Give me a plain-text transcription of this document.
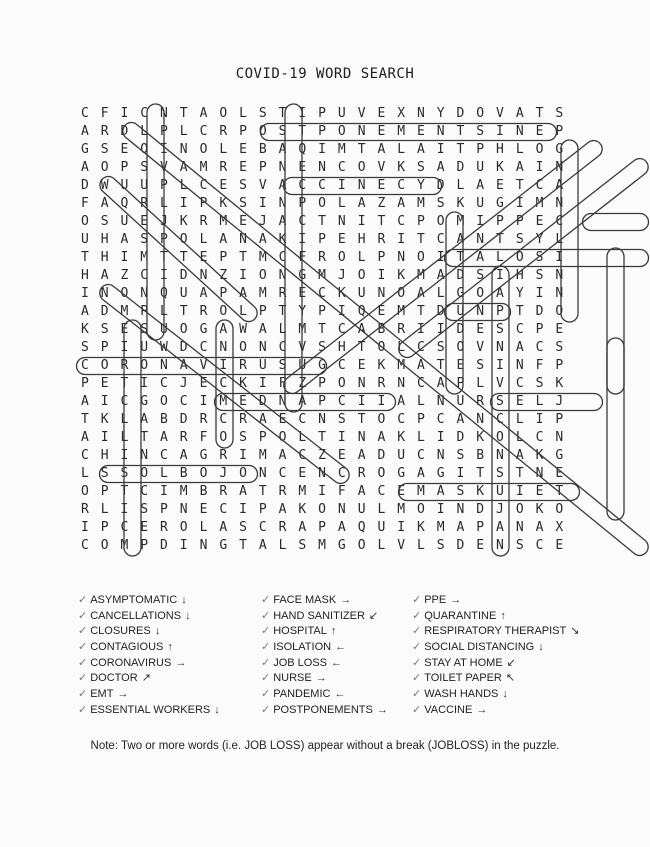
COVID-19 WORD SEARCH
C F I C N T A O L S T I P U V E X N Y D O V A T S
A R D L P L C R P O S T P O N E M E N T S I N E P
G S E O I N O L E B A Q I M T A L A I T P H L O G
A O P S V A M R E P N E N C O V K S A D U K A I N
D W U U P L C E S V A C C I N E C Y D L A E T C A
F A Q R L I P K S I N P O L A Z A M S K U G I M N
O S U E J K R M E J A C T N I T C P O M I P P E C
U H A S P O L A N A K I P E H R I T C A N T S Y L
T H I M T T E P T M C F R O L P N O I T A L O S I
H A Z C I D N Z I O N G M J O I K M A D S I H S N
I N O N Q U A P A M R E C K U N O A L G O A Y I N
A D M P L T R O L P T Y P I Q E M T D U N P T D O
K S E S U O G A W A L M T C A B R I I D E S C P E
S P I U W D C N O N C V S H T O L C S O V N A C S
C O R O N A V I R U S U G C E K M A T E S I N F P
P E T I C J E C K I F Z P O N R N C A P L V C S K
A I C G O C I M E D N A P C I I A L N U R S E L J
T K L A B D R C R A E C N S T O C P C A N C L I P
A I L T A R F O S P O L T I N A K L I D K O L C N
C H I N C A G R I M A C Z E A D U C N S B N A K G
L S S O L B O J O N C E N C R O G A G I T S T N E
O P T C I M B R A T R M I F A C E M A S K U I E T
R L I S P N E C I P A K O N U L M O I N D J O K O
I P C E R O L A S C R A P A Q U I K M A P A N A X
C O M P D I N G T A L S M G O L V L S D E N S C E
✓ ASYMPTOMATIC ↓
✓ CANCELLATIONS ↓
✓ CLOSURES ↓
✓ CONTAGIOUS ↑
✓ CORONAVIRUS →
✓ DOCTOR ↗
✓ EMT →
✓ ESSENTIAL WORKERS ↓
✓ FACE MASK →
✓ HAND SANITIZER ↙
✓ HOSPITAL ↑
✓ ISOLATION ←
✓ JOB LOSS ←
✓ NURSE →
✓ PANDEMIC ←
✓ POSTPONEMENTS →
✓ PPE →
✓ QUARANTINE ↑
✓ RESPIRATORY THERAPIST ↘
✓ SOCIAL DISTANCING ↓
✓ STAY AT HOME ↙
✓ TOILET PAPER ↖
✓ WASH HANDS ↓
✓ VACCINE →
Note: Two or more words (i.e. JOB LOSS) appear without a break (JOBLOSS) in the puzzle.
